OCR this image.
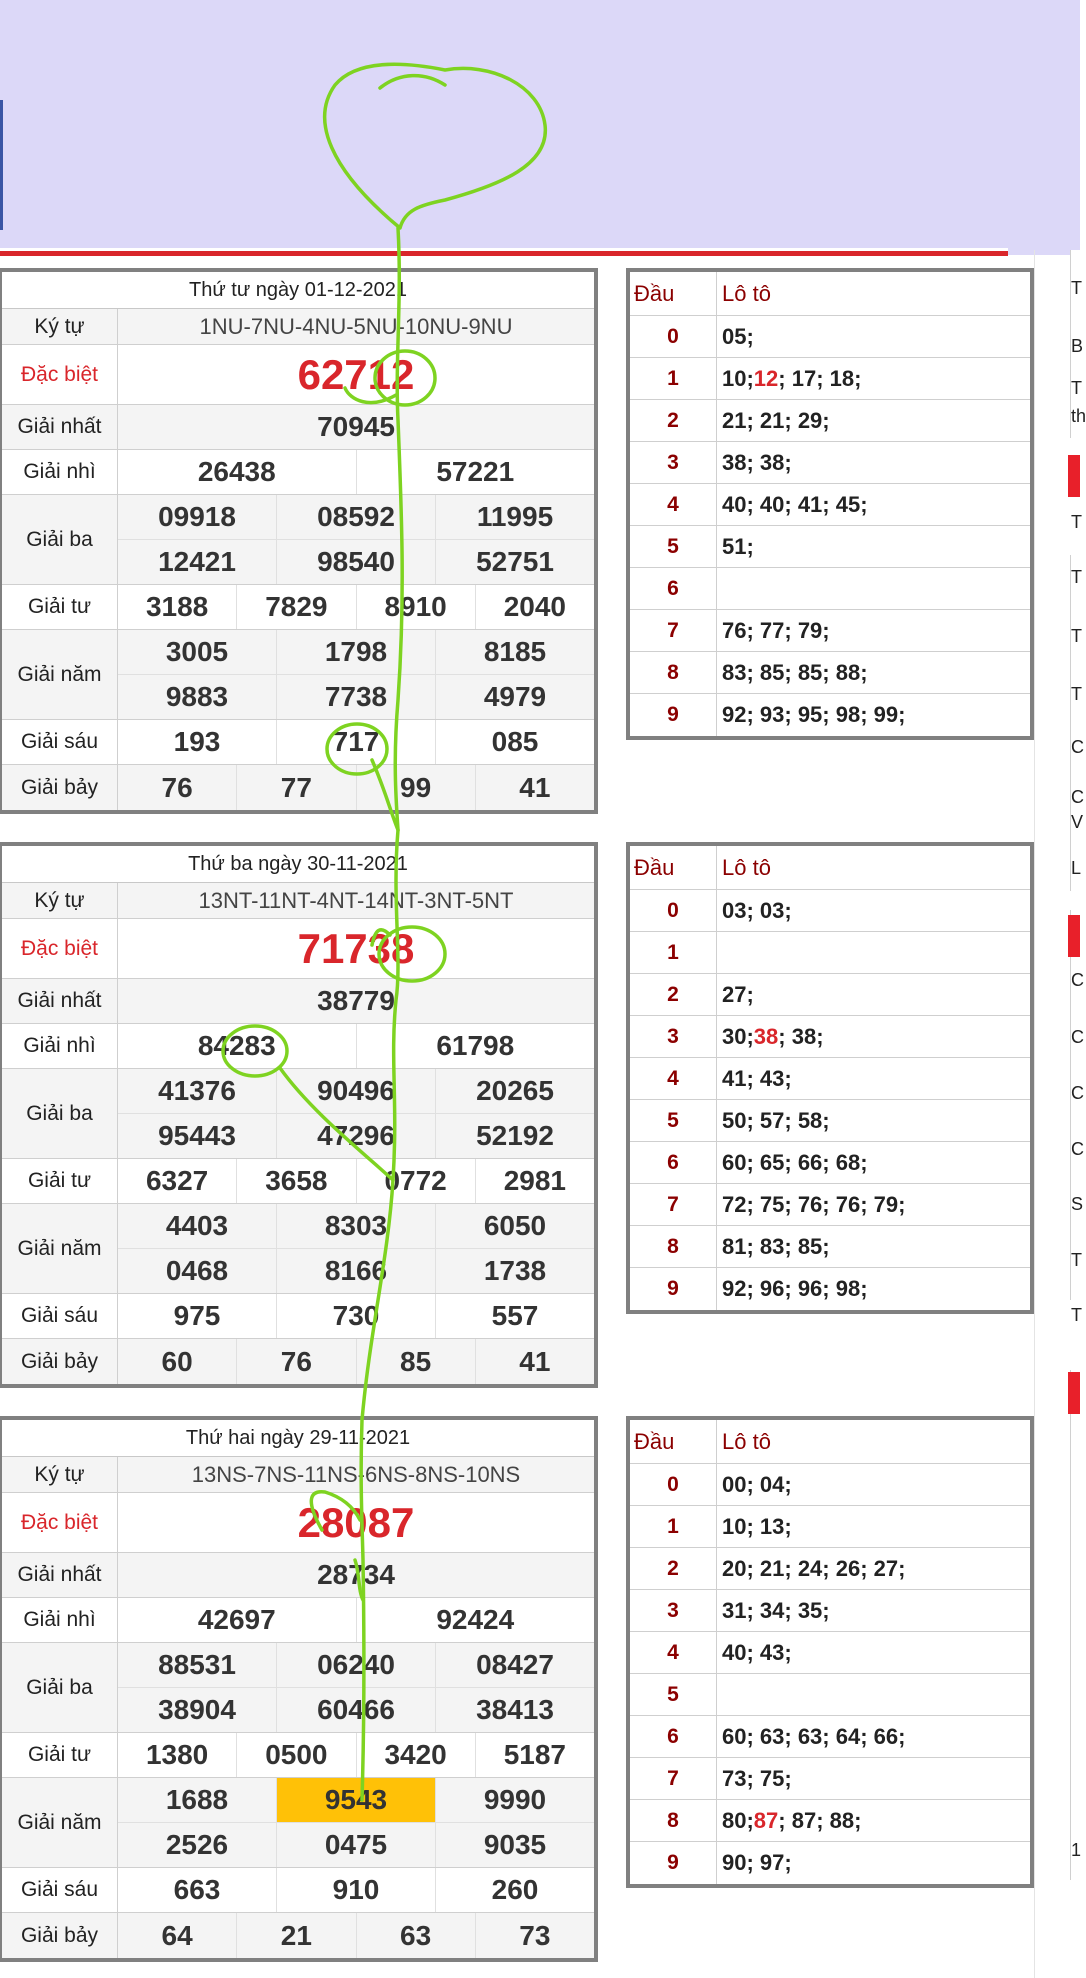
Thứ tư ngày 01-12-2021
Ký tự	1NU-7NU-4NU-5NU-10NU-9NU
Đặc biệt	62712
Giải nhất	70945
Giải nhì	26438	57221
Giải ba
09918	08592	11995
12421	98540	52751
Giải tư	3188	7829	8910	2040
Giải năm
3005	1798	8185
9883	7738	4979
Giải sáu	193	717	085
Giải bảy	76	77	99	41
Thứ ba ngày 30-11-2021
Ký tự	13NT-11NT-4NT-14NT-3NT-5NT
Đặc biệt	71738
Giải nhất	38779
Giải nhì	84283	61798
Giải ba
41376	90496	20265
95443	47296	52192
Giải tư	6327	3658	0772	2981
Giải năm
4403	8303	6050
0468	8166	1738
Giải sáu	975	730	557
Giải bảy	60	76	85	41
Thứ hai ngày 29-11-2021
Ký tự	13NS-7NS-11NS-6NS-8NS-10NS
Đặc biệt	28087
Giải nhất	28734
Giải nhì	42697	92424
Giải ba
88531	06240	08427
38904	60466	38413
Giải tư	1380	0500	3420	5187
Giải năm
1688	9543	9990
2526	0475	9035
Giải sáu	663	910	260
Giải bảy	64	21	63	73
Đầu	Lô tô
0	05;
1	10; 12 ; 17; 18;
2	21; 21; 29;
3	38; 38;
4	40; 40; 41; 45;
5	51;
6
7	76; 77; 79;
8	83; 85; 85; 88;
9	92; 93; 95; 98; 99;
Đầu	Lô tô
0	03; 03;
1
2	27;
3	30; 38 ; 38;
4	41; 43;
5	50; 57; 58;
6	60; 65; 66; 68;
7	72; 75; 76; 76; 79;
8	81; 83; 85;
9	92; 96; 96; 98;
Đầu	Lô tô
0	00; 04;
1	10; 13;
2	20; 21; 24; 26; 27;
3	31; 34; 35;
4	40; 43;
5
6	60; 63; 63; 64; 66;
7	73; 75;
8	80; 87 ; 87; 88;
9	90; 97;
T
B
T
th
T
T
T
T
C
C
V
L
C
C
C
C
S
T
T
1
